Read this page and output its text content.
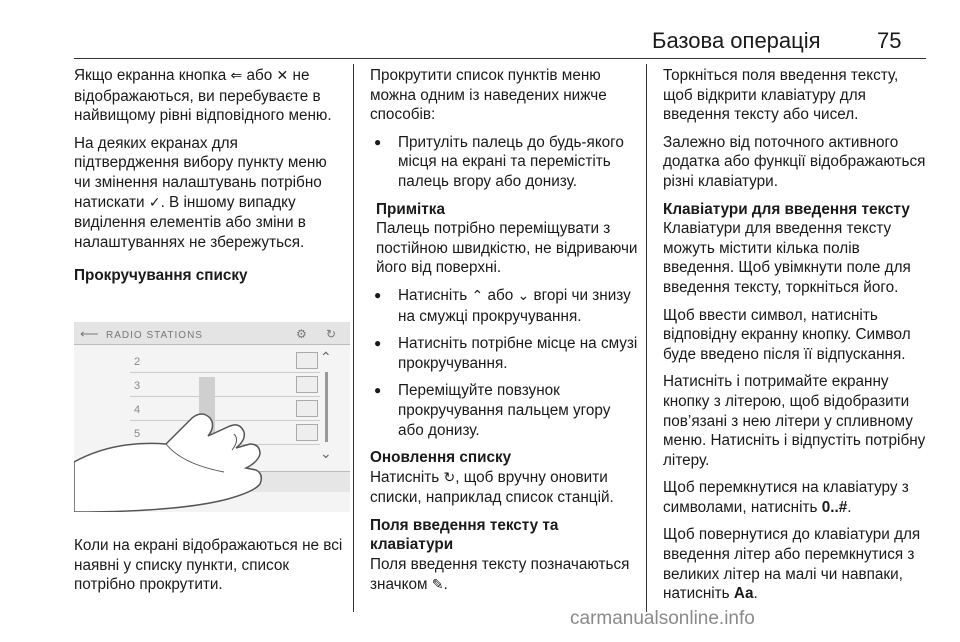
Базова операція	75

Якщо екранна кнопка ⇐ або ✕ не відображаються, ви перебуваєте в найвищому рівні відповідного меню.

На деяких екранах для підтвердження вибору пункту меню чи змінення налаштувань потрібно натискати ✓. В іншому випадку виділення елементів або зміни в налаштуваннях не збережуться.

Прокручування списку
⟵ RADIO STATIONS	⚙ ↻
2
3
4
5
⌃
⌄

Коли на екрані відображаються не всі наявні у списку пункти, список потрібно прокрутити.

Прокрутити список пунктів меню можна одним із наведених нижче способів:

● Притуліть палець до будь-якого місця на екрані та перемістіть палець вгору або донизу.
Примітка
Палець потрібно переміщувати з постійною швидкістю, не відриваючи його від поверхні.
● Натисніть ⌃ або ⌄ вгорі чи знизу на смужці прокручування.
● Натисніть потрібне місце на смузі прокручування.
● Переміщуйте повзунок прокручування пальцем угору або донизу.
Оновлення списку

Натисніть ↻, щоб вручну оновити списки, наприклад список станцій.

Поля введення тексту та клавіатури

Поля введення тексту позначаються значком ✎.

Торкніться поля введення тексту, щоб відкрити клавіатуру для введення тексту або чисел.

Залежно від поточного активного додатка або функції відображаються різні клавіатури.

Клавіатури для введення тексту

Клавіатури для введення тексту можуть містити кілька полів введення. Щоб увімкнути поле для введення тексту, торкніться його.

Щоб ввести символ, натисніть відповідну екранну кнопку. Символ буде введено після її відпускання.

Натисніть і потримайте екранну кнопку з літерою, щоб відобразити пов’язані з нею літери у спливному меню. Натисніть і відпустіть потрібну літеру.

Щоб перемкнутися на клавіатуру з символами, натисніть 0..#.

Щоб повернутися до клавіатури для введення літер або перемкнутися з великих літер на малі чи навпаки, натисніть Aa.

carmanualsonline.info
